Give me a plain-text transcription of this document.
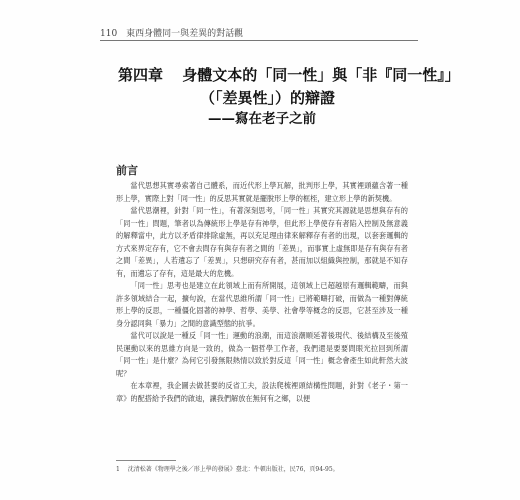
110 東西身體同一與差異的對話觀
第四章 身體文本的「同一性」與「非『同一性』」
（「差異性」）的辯證
——寫在老子之前
前言

當代思想其實尋索著自己體系，而近代形上學瓦解，批判形上學，其實裡頭蘊含著一種形上學，實際上對「同一性」的反思其實就是擺脫形上學的框桎，建立形上學的新契機。

當代思潮裡，針對「同一性」，有著深刻思考，「同一性」其實究其源就是思想與存有的「同一性」問題，筆者以為傳統形上學是存有神學，但此形上學使存有者陷入控制及無意義的解釋當中，此方以矛盾律排除虛無，再以充足理由律來解釋存有者的出現，以套套邏輯的方式來界定存有，它不會去問存有與存有者之間的「差異」，而事實上虛無即是存有與存有者之間「差異」，人若遺忘了「差異」，只想研究存有者，甚而加以組織與控制，那就是不知存有，而遺忘了存有，這是最大的危機。

「同一性」思考也是建立在此領域上而有所開展，這領域上已超越原有邏輯範疇，而與許多領域結合一起，擴句說，在當代思維所謂「同一性」已將範疇打破，而做為一種對傳統形上學的反思，一種僵化固著的神學、哲學、美學、社會學等概念的反思，它甚至涉及一種身分認同與「暴力」之間的意識型態的抗爭。

當代可以說是一種反「同一性」運動的浪潮，而這浪潮順延著後現代、後結構及至後殖民運動以來的思維方向是一致的，做為一個哲學工作者，我們還是要要問眼光拉回到所謂「同一性」是什麼？為何它引發無限熱情以致於對反這「同一性」概念會產生如此軒然大波呢？

在本章裡，我企圖去做甚要的反省工夫，設法爬梳裡頭結構性問題，針對《老子・第一章》的配搭給予我們的啟迪，讓我們解放在無何有之鄉，以便

1 沈清松著《物理學之後／形上學的發展》臺北：牛頓出版社，民76，頁94-95。
